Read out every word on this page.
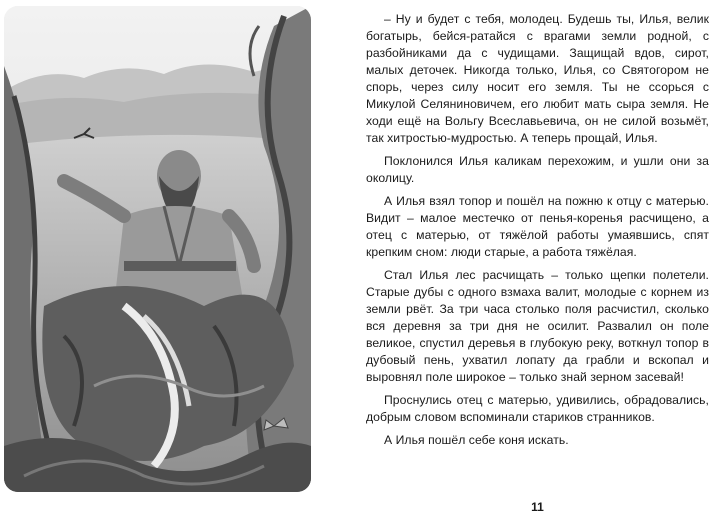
– Ну и будет с тебя, молодец. Будешь ты, Илья, велик богатырь, бейся-ратайся с врагами земли родной, с разбойниками да с чудищами. Защищай вдов, сирот, малых деточек. Никогда только, Илья, со Святогором не спорь, через силу носит его земля. Ты не ссорься с Микулой Селяниновичем, его любит мать сыра земля. Не ходи ещё на Вольгу Всеславьевича, он не силой возьмёт, так хитростью-мудростью. А теперь прощай, Илья.

Поклонился Илья каликам перехожим, и ушли они за околицу.

А Илья взял топор и пошёл на пожню к отцу с матерью. Видит – малое местечко от пенья-коренья расчищено, а отец с матерью, от тяжёлой работы умаявшись, спят крепким сном: люди старые, а работа тяжёлая.

Стал Илья лес расчищать – только щепки полетели. Старые дубы с одного взмаха валит, молодые с корнем из земли рвёт. За три часа столько поля расчистил, сколько вся деревня за три дня не осилит. Развалил он поле великое, спустил деревья в глубокую реку, воткнул топор в дубовый пень, ухватил лопату да грабли и вскопал и выровнял поле широкое – только знай зерном засевай!

Проснулись отец с матерью, удивились, обрадовались, добрым словом вспоминали стариков странников.

А Илья пошёл себе коня искать.

11
